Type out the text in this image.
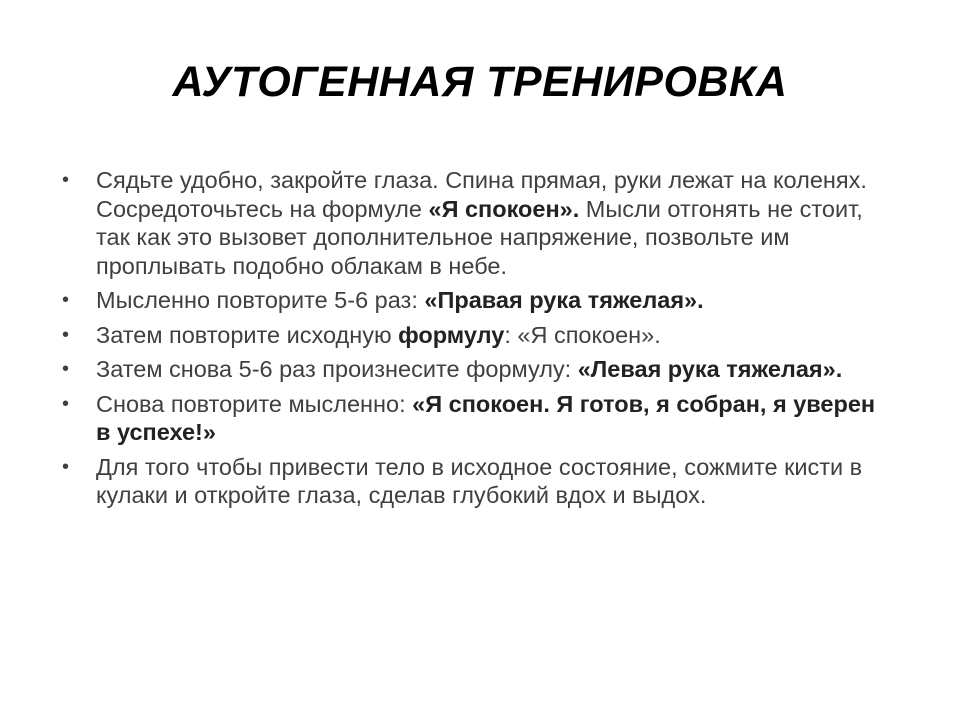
АУТОГЕННАЯ ТРЕНИРОВКА
• Сядьте удобно, закройте глаза. Спина прямая, руки лежат на коленях. Сосредоточьтесь на формуле «Я спокоен». Мысли отгонять не стоит, так как это вызовет дополнительное напряжение, позвольте им проплывать подобно облакам в небе.
• Мысленно повторите 5-6 раз: «Правая рука тяжелая».
• Затем повторите исходную формулу: «Я спокоен».
• Затем снова 5-6 раз произнесите формулу: «Левая рука тяжелая».
• Снова повторите мысленно: «Я спокоен. Я готов, я собран, я уверен в успехе!»
• Для того чтобы привести тело в исходное состояние, сожмите кисти в кулаки и откройте глаза, сделав глубокий вдох и выдох.
